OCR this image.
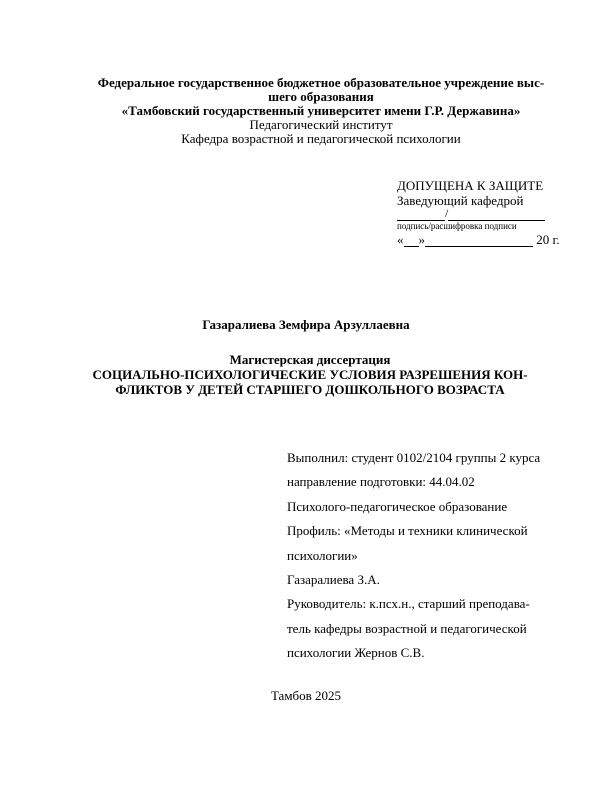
Федеральное государственное бюджетное образовательное учреждение выс-
шего образования
«Тамбовский государственный университет имени Г.Р. Державина»
Педагогический институт
Кафедра возрастной и педагогической психологии
ДОПУЩЕНА К ЗАЩИТЕ
Заведующий кафедрой
/
подпись/расшифровка подписи
« »	20 г.
Газаралиева Земфира Арзуллаевна
Магистерская диссертация
СОЦИАЛЬНО-ПСИХОЛОГИЧЕСКИЕ УСЛОВИЯ РАЗРЕШЕНИЯ КОН-
ФЛИКТОВ У ДЕТЕЙ СТАРШЕГО ДОШКОЛЬНОГО ВОЗРАСТА
Выполнил: студент 0102/2104 группы 2 курса
направление подготовки: 44.04.02
Психолого-педагогическое образование
Профиль: «Методы и техники клинической
психологии»
Газаралиева З.А.
Руководитель: к.псх.н., старший преподава-
тель кафедры возрастной и педагогической
психологии Жернов С.В.
Тамбов 2025
